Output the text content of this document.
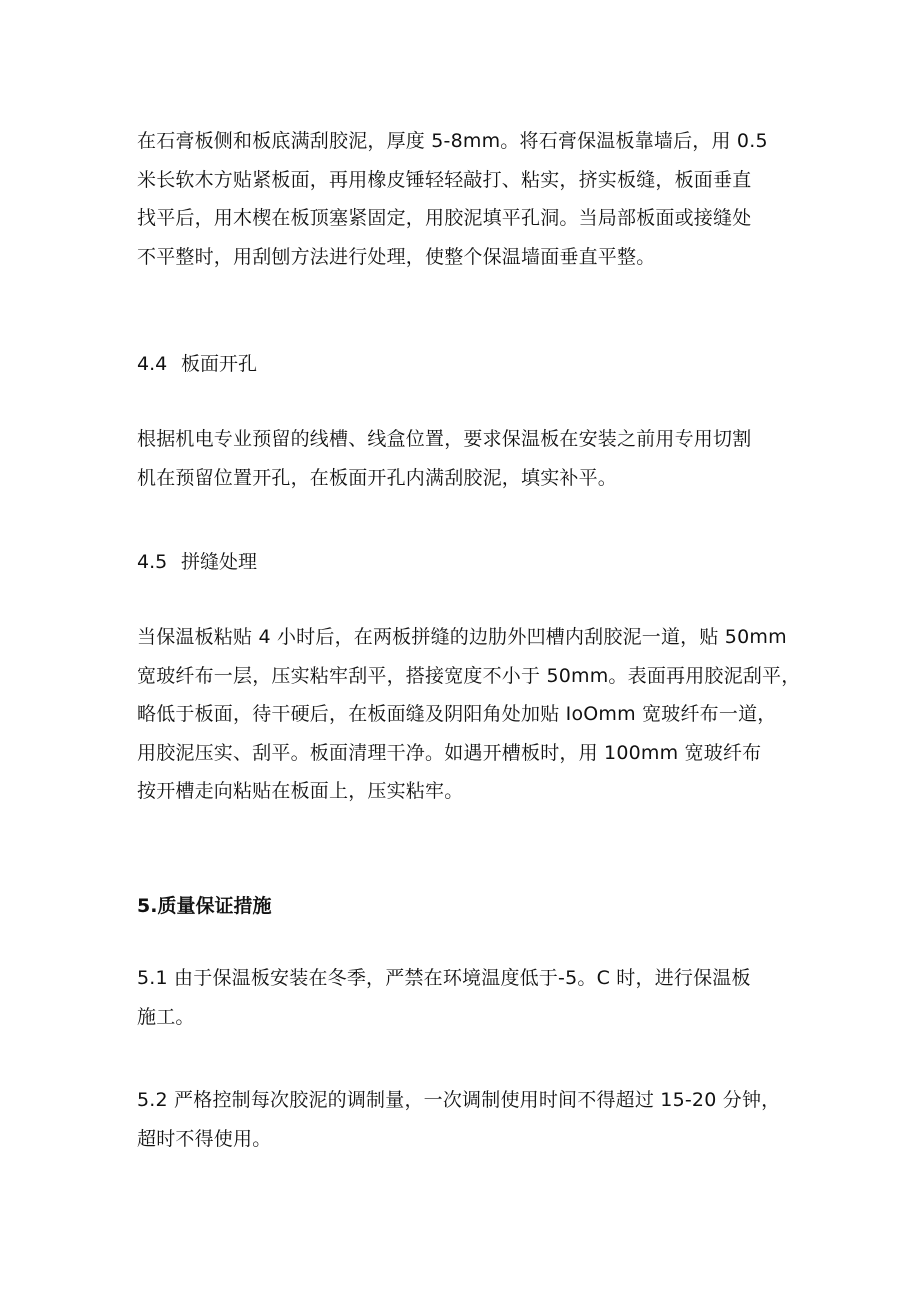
在石膏板侧和板底满刮胶泥，厚度 5-8mm。将石膏保温板靠墙后，用 0.5
米长软木方贴紧板面，再用橡皮锤轻轻敲打、粘实，挤实板缝，板面垂直
找平后，用木楔在板顶塞紧固定，用胶泥填平孔洞。当局部板面或接缝处
不平整时，用刮刨方法进行处理，使整个保温墙面垂直平整。
4.4 板面开孔
根据机电专业预留的线槽、线盒位置，要求保温板在安装之前用专用切割
机在预留位置开孔，在板面开孔内满刮胶泥，填实补平。
4.5 拼缝处理
当保温板粘贴 4 小时后，在两板拼缝的边肋外凹槽内刮胶泥一道，贴 50mm
宽玻纤布一层，压实粘牢刮平，搭接宽度不小于 50mm。表面再用胶泥刮平，
略低于板面，待干硬后，在板面缝及阴阳角处加贴 IoOmm 宽玻纤布一道，
用胶泥压实、刮平。板面清理干净。如遇开槽板时，用 100mm 宽玻纤布
按开槽走向粘贴在板面上，压实粘牢。
5.质量保证措施
5.1 由于保温板安装在冬季，严禁在环境温度低于-5。C 时，进行保温板
施工。
5.2 严格控制每次胶泥的调制量，一次调制使用时间不得超过 15-20 分钟，
超时不得使用。
